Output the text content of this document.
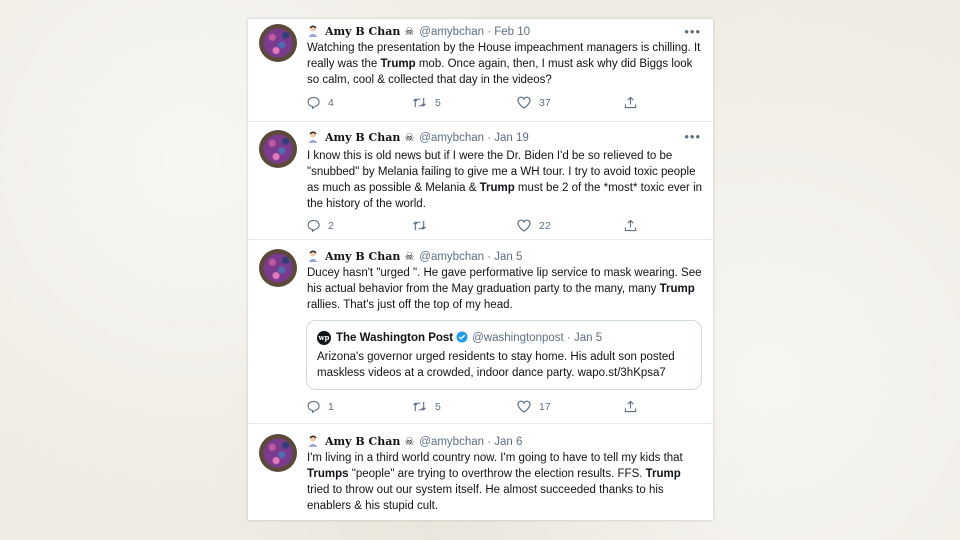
Amy B Chan ☠ @amybchan · Feb 10	•••
Watching the presentation by the House impeachment managers is chilling. It really was the Trump mob. Once again, then, I must ask why did Biggs look so calm, cool & collected that day in the videos?
4	5	37
Amy B Chan ☠ @amybchan · Jan 19	•••
I know this is old news but if I were the Dr. Biden I'd be so relieved to be "snubbed" by Melania failing to give me a WH tour. I try to avoid toxic people as much as possible & Melania & Trump must be 2 of the *most* toxic ever in the history of the world.
2	22
Amy B Chan ☠ @amybchan · Jan 5
Ducey hasn't "urged ". He gave performative lip service to mask wearing. See his actual behavior from the May graduation party to the many, many Trump rallies. That's just off the top of my head.
wp The Washington Post @washingtonpost · Jan 5
Arizona's governor urged residents to stay home. His adult son posted maskless videos at a crowded, indoor dance party. wapo.st/3hKpsa7
1	5	17
Amy B Chan ☠ @amybchan · Jan 6
I'm living in a third world country now. I'm going to have to tell my kids that Trumps "people" are trying to overthrow the election results. FFS. Trump tried to throw out our system itself. He almost succeeded thanks to his enablers & his stupid cult.
